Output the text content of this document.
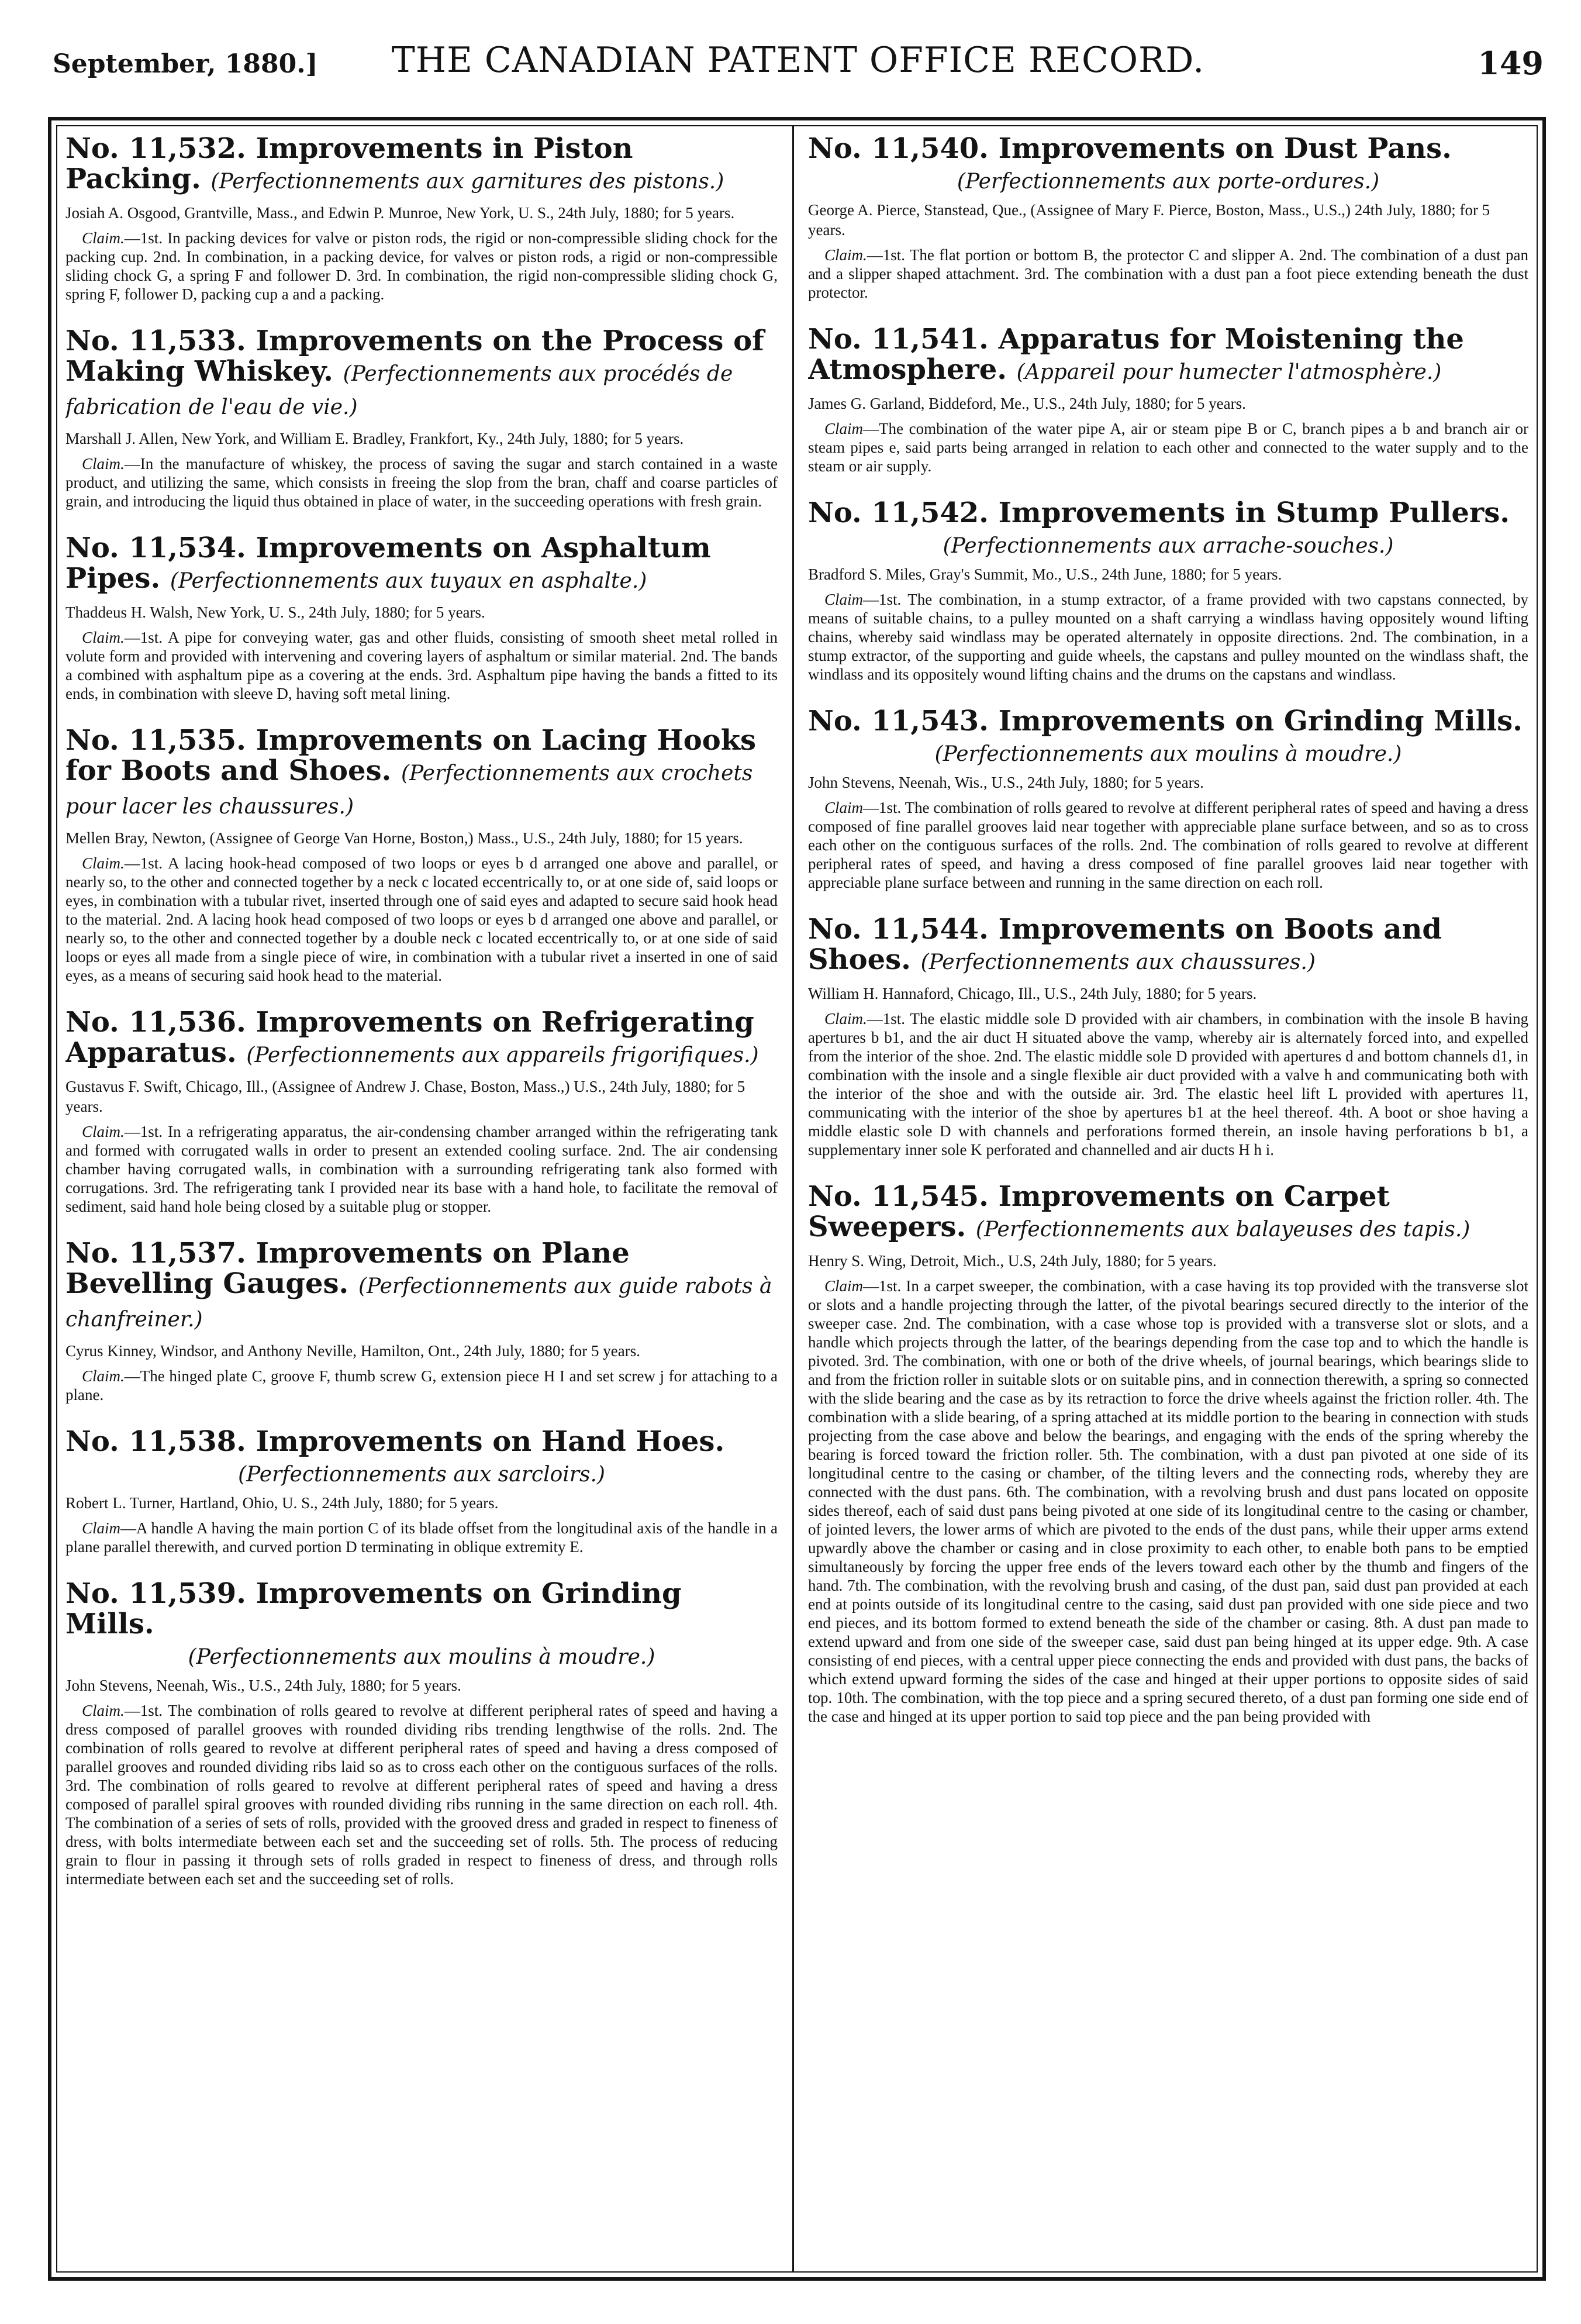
September, 1880.]	THE CANADIAN PATENT OFFICE RECORD.	149

No. 11,532. Improvements in Piston Packing. (Perfectionnements aux garnitures des pistons.)

Josiah A. Osgood, Grantville, Mass., and Edwin P. Munroe, New York, U. S., 24th July, 1880; for 5 years.

Claim.—1st. In packing devices for valve or piston rods, the rigid or non-compressible sliding chock for the packing cup. 2nd. In combination, in a packing device, for valves or piston rods, a rigid or non-compressible sliding chock G, a spring F and follower D. 3rd. In combination, the rigid non-compressible sliding chock G, spring F, follower D, packing cup a and a packing.

No. 11,533. Improvements on the Process of Making Whiskey. (Perfectionnements aux procédés de fabrication de l'eau de vie.)

Marshall J. Allen, New York, and William E. Bradley, Frankfort, Ky., 24th July, 1880; for 5 years.

Claim.—In the manufacture of whiskey, the process of saving the sugar and starch contained in a waste product, and utilizing the same, which consists in freeing the slop from the bran, chaff and coarse particles of grain, and introducing the liquid thus obtained in place of water, in the succeeding operations with fresh grain.

No. 11,534. Improvements on Asphaltum Pipes. (Perfectionnements aux tuyaux en asphalte.)

Thaddeus H. Walsh, New York, U. S., 24th July, 1880; for 5 years.

Claim.—1st. A pipe for conveying water, gas and other fluids, consisting of smooth sheet metal rolled in volute form and provided with intervening and covering layers of asphaltum or similar material. 2nd. The bands a combined with asphaltum pipe as a covering at the ends. 3rd. Asphaltum pipe having the bands a fitted to its ends, in combination with sleeve D, having soft metal lining.

No. 11,535. Improvements on Lacing Hooks for Boots and Shoes. (Perfectionnements aux crochets pour lacer les chaussures.)

Mellen Bray, Newton, (Assignee of George Van Horne, Boston,) Mass., U.S., 24th July, 1880; for 15 years.

Claim.—1st. A lacing hook-head composed of two loops or eyes b d arranged one above and parallel, or nearly so, to the other and connected together by a neck c located eccentrically to, or at one side of, said loops or eyes, in combination with a tubular rivet, inserted through one of said eyes and adapted to secure said hook head to the material. 2nd. A lacing hook head composed of two loops or eyes b d arranged one above and parallel, or nearly so, to the other and connected together by a double neck c located eccentrically to, or at one side of said loops or eyes all made from a single piece of wire, in combination with a tubular rivet a inserted in one of said eyes, as a means of securing said hook head to the material.

No. 11,536. Improvements on Refrigerating Apparatus. (Perfectionnements aux appareils frigorifiques.)

Gustavus F. Swift, Chicago, Ill., (Assignee of Andrew J. Chase, Boston, Mass.,) U.S., 24th July, 1880; for 5 years.

Claim.—1st. In a refrigerating apparatus, the air-condensing chamber arranged within the refrigerating tank and formed with corrugated walls in order to present an extended cooling surface. 2nd. The air condensing chamber having corrugated walls, in combination with a surrounding refrigerating tank also formed with corrugations. 3rd. The refrigerating tank I provided near its base with a hand hole, to facilitate the removal of sediment, said hand hole being closed by a suitable plug or stopper.

No. 11,537. Improvements on Plane Bevelling Gauges. (Perfectionnements aux guide rabots à chanfreiner.)

Cyrus Kinney, Windsor, and Anthony Neville, Hamilton, Ont., 24th July, 1880; for 5 years.

Claim.—The hinged plate C, groove F, thumb screw G, extension piece H I and set screw j for attaching to a plane.

No. 11,538. Improvements on Hand Hoes.

(Perfectionnements aux sarcloirs.)

Robert L. Turner, Hartland, Ohio, U. S., 24th July, 1880; for 5 years.

Claim—A handle A having the main portion C of its blade offset from the longitudinal axis of the handle in a plane parallel therewith, and curved portion D terminating in oblique extremity E.

No. 11,539. Improvements on Grinding Mills.

(Perfectionnements aux moulins à moudre.)

John Stevens, Neenah, Wis., U.S., 24th July, 1880; for 5 years.

Claim.—1st. The combination of rolls geared to revolve at different peripheral rates of speed and having a dress composed of parallel grooves with rounded dividing ribs trending lengthwise of the rolls. 2nd. The combination of rolls geared to revolve at different peripheral rates of speed and having a dress composed of parallel grooves and rounded dividing ribs laid so as to cross each other on the contiguous surfaces of the rolls. 3rd. The combination of rolls geared to revolve at different peripheral rates of speed and having a dress composed of parallel spiral grooves with rounded dividing ribs running in the same direction on each roll. 4th. The combination of a series of sets of rolls, provided with the grooved dress and graded in respect to fineness of dress, with bolts intermediate between each set and the succeeding set of rolls. 5th. The process of reducing grain to flour in passing it through sets of rolls graded in respect to fineness of dress, and through rolls intermediate between each set and the succeeding set of rolls.

No. 11,540. Improvements on Dust Pans.

(Perfectionnements aux porte-ordures.)

George A. Pierce, Stanstead, Que., (Assignee of Mary F. Pierce, Boston, Mass., U.S.,) 24th July, 1880; for 5 years.

Claim.—1st. The flat portion or bottom B, the protector C and slipper A. 2nd. The combination of a dust pan and a slipper shaped attachment. 3rd. The combination with a dust pan a foot piece extending beneath the dust protector.

No. 11,541. Apparatus for Moistening the Atmosphere. (Appareil pour humecter l'atmosphère.)

James G. Garland, Biddeford, Me., U.S., 24th July, 1880; for 5 years.

Claim—The combination of the water pipe A, air or steam pipe B or C, branch pipes a b and branch air or steam pipes e, said parts being arranged in relation to each other and connected to the water supply and to the steam or air supply.

No. 11,542. Improvements in Stump Pullers.

(Perfectionnements aux arrache-souches.)

Bradford S. Miles, Gray's Summit, Mo., U.S., 24th June, 1880; for 5 years.

Claim—1st. The combination, in a stump extractor, of a frame provided with two capstans connected, by means of suitable chains, to a pulley mounted on a shaft carrying a windlass having oppositely wound lifting chains, whereby said windlass may be operated alternately in opposite directions. 2nd. The combination, in a stump extractor, of the supporting and guide wheels, the capstans and pulley mounted on the windlass shaft, the windlass and its oppositely wound lifting chains and the drums on the capstans and windlass.

No. 11,543. Improvements on Grinding Mills.

(Perfectionnements aux moulins à moudre.)

John Stevens, Neenah, Wis., U.S., 24th July, 1880; for 5 years.

Claim—1st. The combination of rolls geared to revolve at different peripheral rates of speed and having a dress composed of fine parallel grooves laid near together with appreciable plane surface between, and so as to cross each other on the contiguous surfaces of the rolls. 2nd. The combination of rolls geared to revolve at different peripheral rates of speed, and having a dress composed of fine parallel grooves laid near together with appreciable plane surface between and running in the same direction on each roll.

No. 11,544. Improvements on Boots and Shoes. (Perfectionnements aux chaussures.)

William H. Hannaford, Chicago, Ill., U.S., 24th July, 1880; for 5 years.

Claim.—1st. The elastic middle sole D provided with air chambers, in combination with the insole B having apertures b b1, and the air duct H situated above the vamp, whereby air is alternately forced into, and expelled from the interior of the shoe. 2nd. The elastic middle sole D provided with apertures d and bottom channels d1, in combination with the insole and a single flexible air duct provided with a valve h and communicating both with the interior of the shoe and with the outside air. 3rd. The elastic heel lift L provided with apertures l1, communicating with the interior of the shoe by apertures b1 at the heel thereof. 4th. A boot or shoe having a middle elastic sole D with channels and perforations formed therein, an insole having perforations b b1, a supplementary inner sole K perforated and channelled and air ducts H h i.

No. 11,545. Improvements on Carpet Sweepers. (Perfectionnements aux balayeuses des tapis.)

Henry S. Wing, Detroit, Mich., U.S, 24th July, 1880; for 5 years.

Claim—1st. In a carpet sweeper, the combination, with a case having its top provided with the transverse slot or slots and a handle projecting through the latter, of the pivotal bearings secured directly to the interior of the sweeper case. 2nd. The combination, with a case whose top is provided with a transverse slot or slots, and a handle which projects through the latter, of the bearings depending from the case top and to which the handle is pivoted. 3rd. The combination, with one or both of the drive wheels, of journal bearings, which bearings slide to and from the friction roller in suitable slots or on suitable pins, and in connection therewith, a spring so connected with the slide bearing and the case as by its retraction to force the drive wheels against the friction roller. 4th. The combination with a slide bearing, of a spring attached at its middle portion to the bearing in connection with studs projecting from the case above and below the bearings, and engaging with the ends of the spring whereby the bearing is forced toward the friction roller. 5th. The combination, with a dust pan pivoted at one side of its longitudinal centre to the casing or chamber, of the tilting levers and the connecting rods, whereby they are connected with the dust pans. 6th. The combination, with a revolving brush and dust pans located on opposite sides thereof, each of said dust pans being pivoted at one side of its longitudinal centre to the casing or chamber, of jointed levers, the lower arms of which are pivoted to the ends of the dust pans, while their upper arms extend upwardly above the chamber or casing and in close proximity to each other, to enable both pans to be emptied simultaneously by forcing the upper free ends of the levers toward each other by the thumb and fingers of the hand. 7th. The combination, with the revolving brush and casing, of the dust pan, said dust pan provided at each end at points outside of its longitudinal centre to the casing, said dust pan provided with one side piece and two end pieces, and its bottom formed to extend beneath the side of the chamber or casing. 8th. A dust pan made to extend upward and from one side of the sweeper case, said dust pan being hinged at its upper edge. 9th. A case consisting of end pieces, with a central upper piece connecting the ends and provided with dust pans, the backs of which extend upward forming the sides of the case and hinged at their upper portions to opposite sides of said top. 10th. The combination, with the top piece and a spring secured thereto, of a dust pan forming one side end of the case and hinged at its upper portion to said top piece and the pan being provided with
